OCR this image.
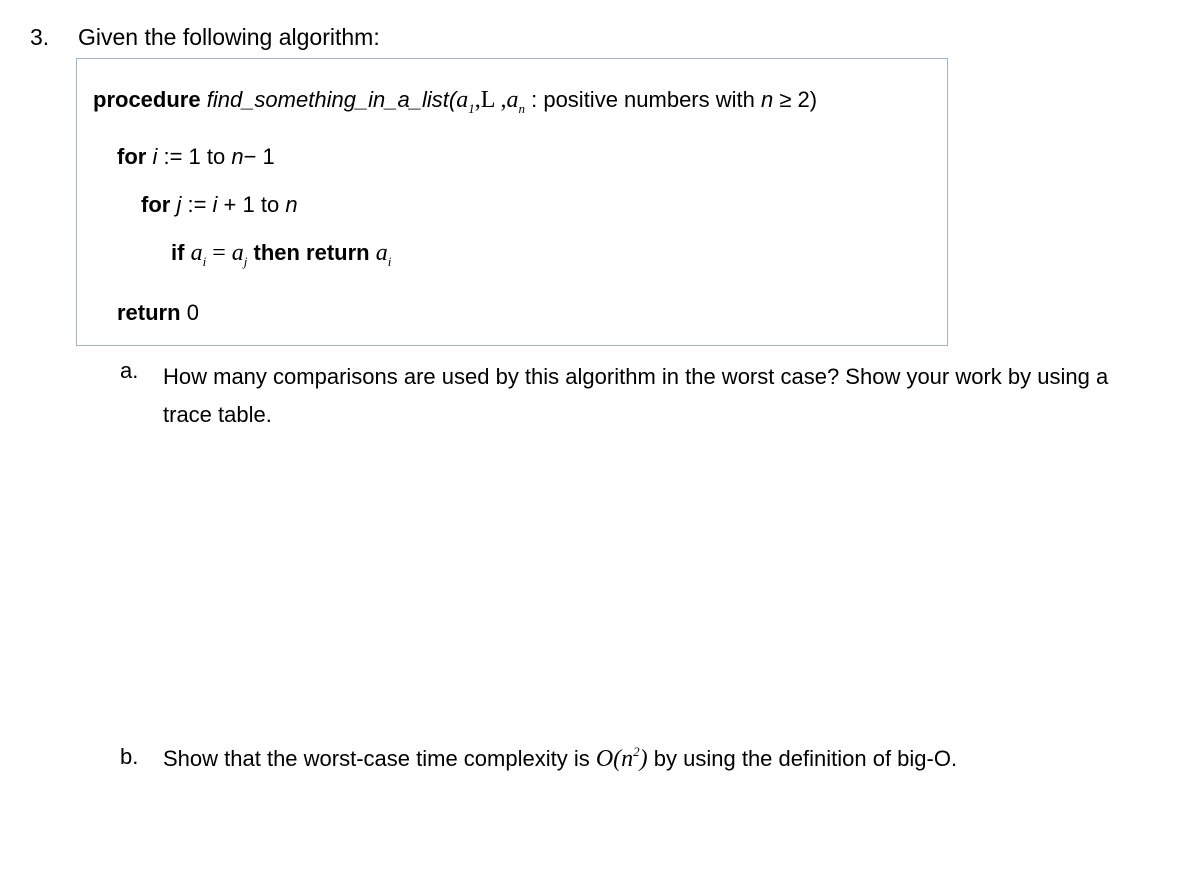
3. Given the following algorithm:
procedure $find\_something\_in\_a\_list(a_1,L$ $,a_n$ : positive numbers with n ≥ 2)
for i := 1 to n− 1
for j := i + 1 to n
if $a_i = a_j$ then return $a_i$
return 0
a. How many comparisons are used by this algorithm in the worst case? Show your work by using a trace table.
b. Show that the worst-case time complexity is $O(n^2)$ by using the definition of big-O.
